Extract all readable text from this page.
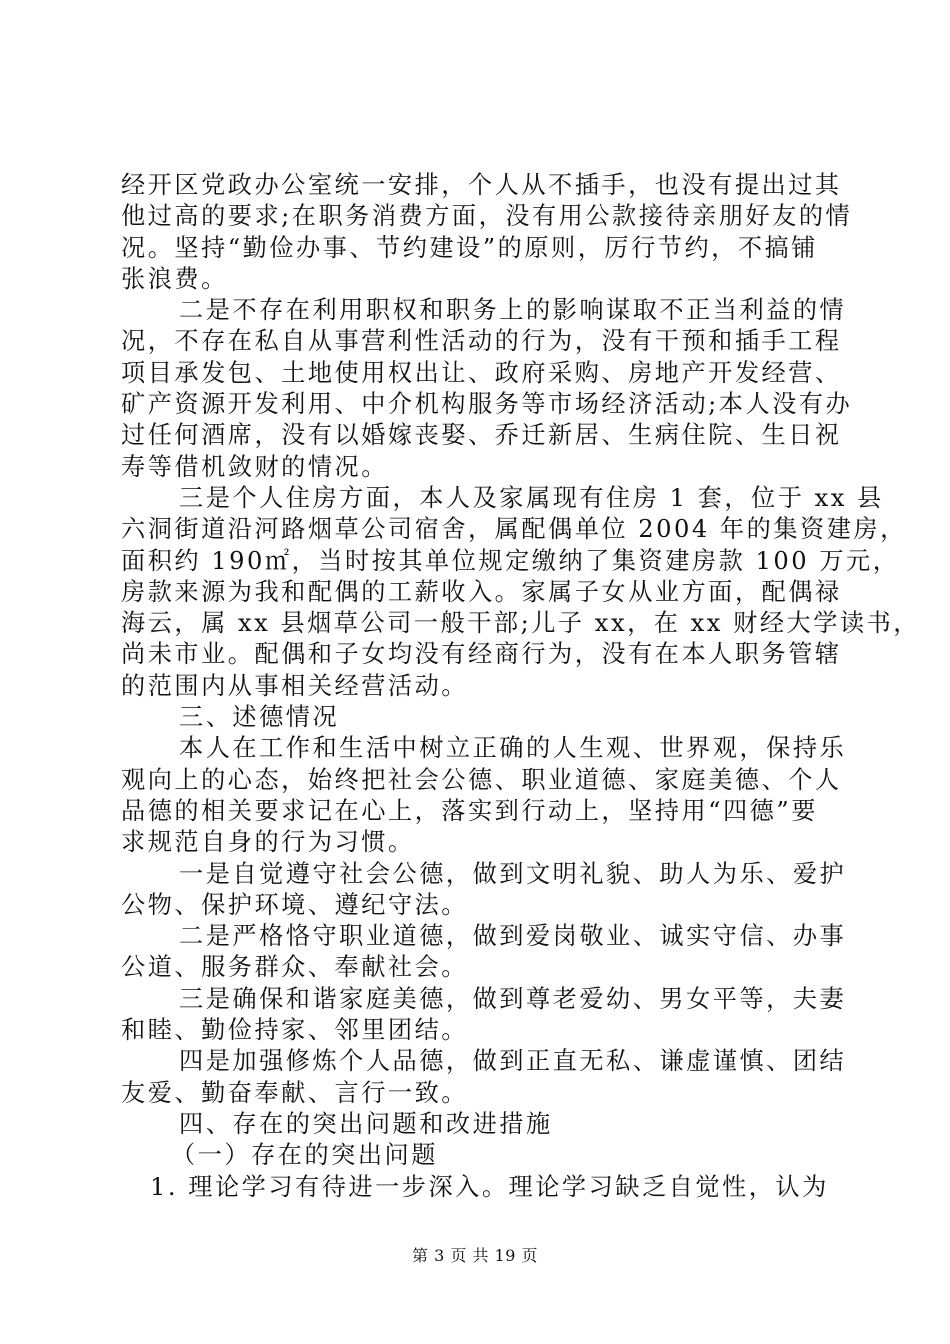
经开区党政办公室统一安排，个人从不插手，也没有提出过其
他过高的要求;在职务消费方面，没有用公款接待亲朋好友的情
况。坚持“勤俭办事、节约建设”的原则，厉行节约，不搞铺
张浪费。
二是不存在利用职权和职务上的影响谋取不正当利益的情
况，不存在私自从事营利性活动的行为，没有干预和插手工程
项目承发包、土地使用权出让、政府采购、房地产开发经营、
矿产资源开发利用、中介机构服务等市场经济活动;本人没有办
过任何酒席，没有以婚嫁丧娶、乔迁新居、生病住院、生日祝
寿等借机敛财的情况。
三是个人住房方面，本人及家属现有住房 1 套，位于 xx 县
六洞街道沿河路烟草公司宿舍，属配偶单位 2004 年的集资建房，
面积约 190㎡，当时按其单位规定缴纳了集资建房款 100 万元，
房款来源为我和配偶的工薪收入。家属子女从业方面，配偶禄
海云，属 xx 县烟草公司一般干部;儿子 xx，在 xx 财经大学读书，
尚未市业。配偶和子女均没有经商行为，没有在本人职务管辖
的范围内从事相关经营活动。
三、述德情况
本人在工作和生活中树立正确的人生观、世界观，保持乐
观向上的心态，始终把社会公德、职业道德、家庭美德、个人
品德的相关要求记在心上，落实到行动上，坚持用“四德”要
求规范自身的行为习惯。
一是自觉遵守社会公德，做到文明礼貌、助人为乐、爱护
公物、保护环境、遵纪守法。
二是严格恪守职业道德，做到爱岗敬业、诚实守信、办事
公道、服务群众、奉献社会。
三是确保和谐家庭美德，做到尊老爱幼、男女平等，夫妻
和睦、勤俭持家、邻里团结。
四是加强修炼个人品德，做到正直无私、谦虚谨慎、团结
友爱、勤奋奉献、言行一致。
四、存在的突出问题和改进措施
（一）存在的突出问题
1. 理论学习有待进一步深入。理论学习缺乏自觉性，认为
第 3 页 共 19 页
